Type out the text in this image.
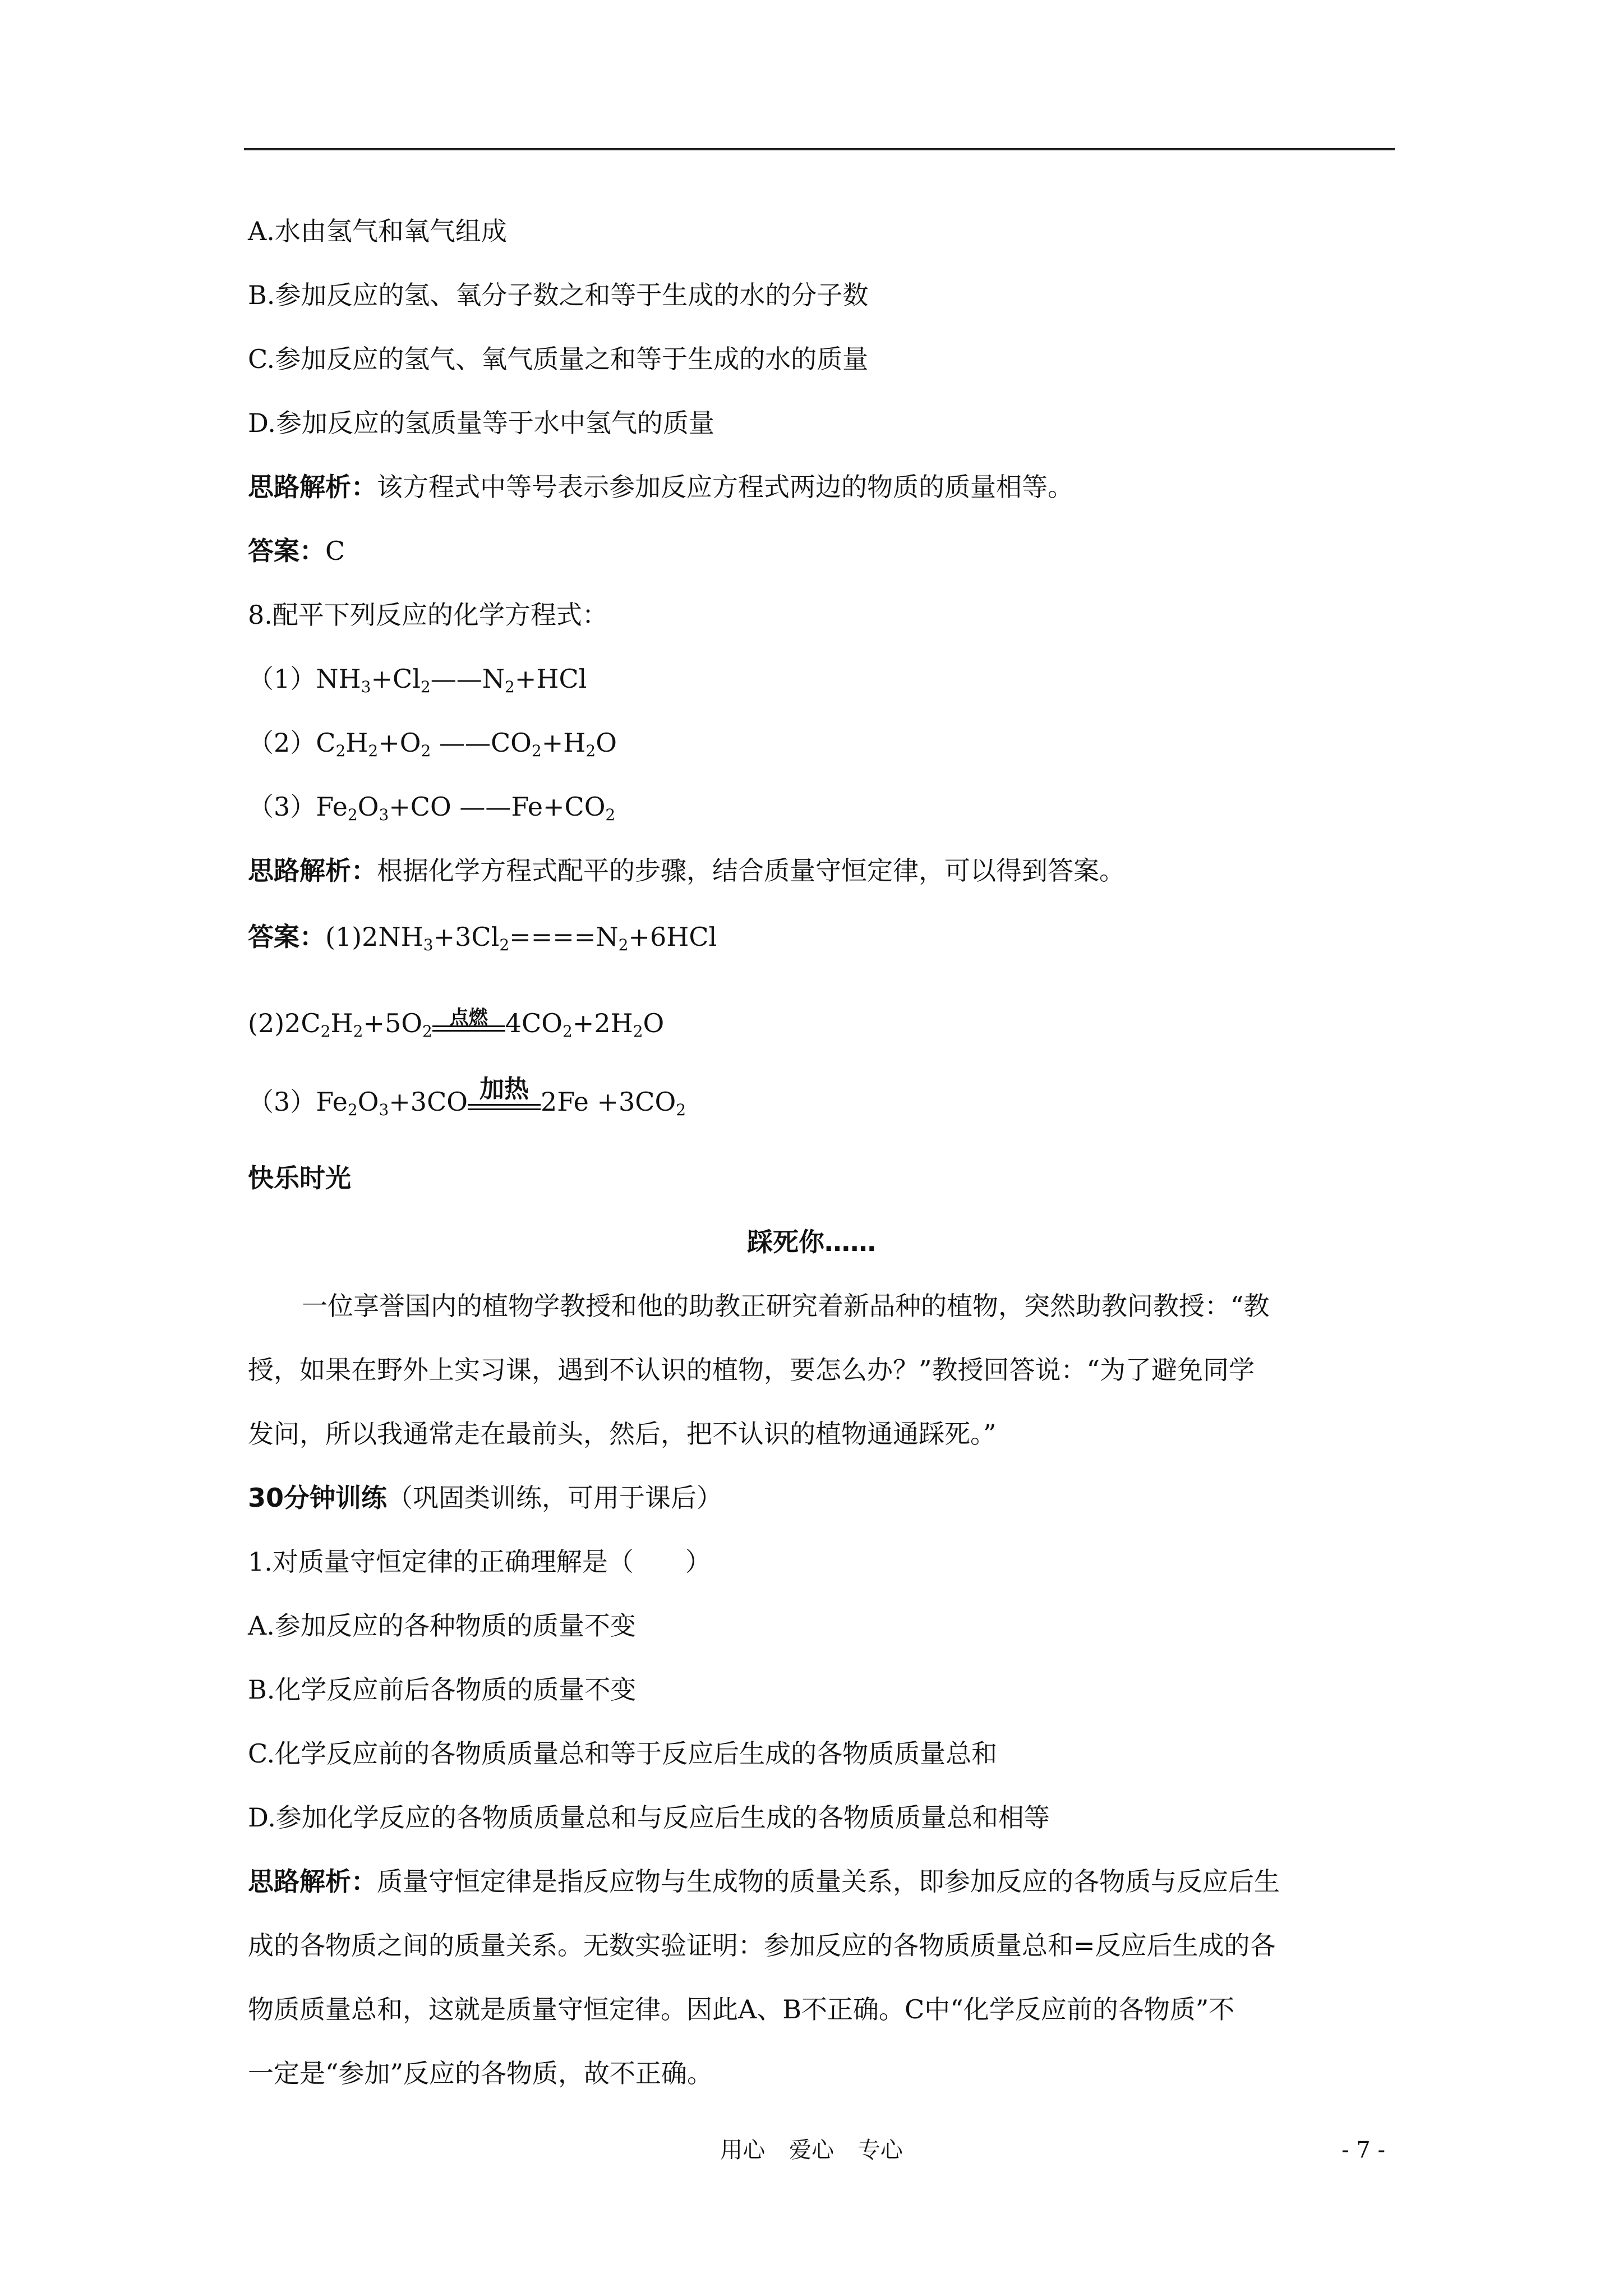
A.水由氢气和氧气组成
B.参加反应的氢、氧分子数之和等于生成的水的分子数
C.参加反应的氢气、氧气质量之和等于生成的水的质量
D.参加反应的氢质量等于水中氢气的质量
思路解析：该方程式中等号表示参加反应方程式两边的物质的质量相等。
答案：C
8.配平下列反应的化学方程式：
$(1)NH_3+Cl_2——N_2+HCl$
$(2)C_2H_2+O_2$ $——CO_2+H_2O$
$(3)Fe_2O_3+CO$ $——Fe+CO_2$
思路解析：根据化学方程式配平的步骤，结合质量守恒定律，可以得到答案。
答案：$(1)2NH_3+3Cl_2====N_2+6HCl$
$(2)2C_2H_2+5O_2$
点燃 $4CO_2+2H_2O$
$(3)Fe_2O_3+3CO$ 加热 $2Fe +3CO_2$
快乐时光
踩死你……
一位享誉国内的植物学教授和他的助教正研究着新品种的植物，突然助教问教授：“教
授，如果在野外上实习课，遇到不认识的植物，要怎么办？”教授回答说：“为了避免同学
发问，所以我通常走在最前头，然后，把不认识的植物通通踩死。”
30分钟训练（巩固类训练，可用于课后）
1.对质量守恒定律的正确理解是（　　）
A.参加反应的各种物质的质量不变
B.化学反应前后各物质的质量不变
C.化学反应前的各物质质量总和等于反应后生成的各物质质量总和
D.参加化学反应的各物质质量总和与反应后生成的各物质质量总和相等
思路解析：质量守恒定律是指反应物与生成物的质量关系，即参加反应的各物质与反应后生
成的各物质之间的质量关系。无数实验证明：参加反应的各物质质量总和=反应后生成的各
物质质量总和，这就是质量守恒定律。因此A、B不正确。C中“化学反应前的各物质”不
一定是“参加”反应的各物质，故不正确。
用心 爱心 专心	- 7 -
